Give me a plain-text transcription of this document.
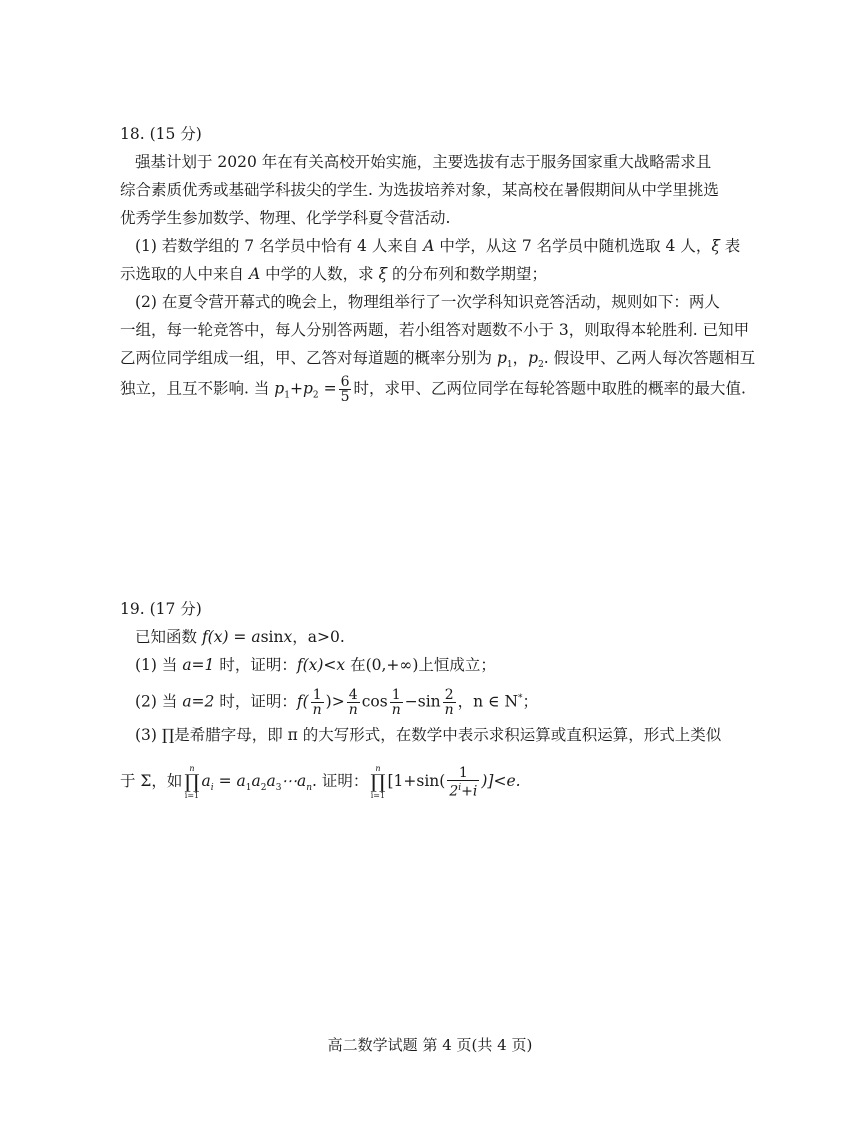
18. (15 分)
强基计划于 2020 年在有关高校开始实施，主要选拔有志于服务国家重大战略需求且
综合素质优秀或基础学科拔尖的学生. 为选拔培养对象，某高校在暑假期间从中学里挑选
优秀学生参加数学、物理、化学学科夏令营活动.
(1) 若数学组的 7 名学员中恰有 4 人来自 A 中学，从这 7 名学员中随机选取 4 人，ξ 表
示选取的人中来自 A 中学的人数，求 ξ 的分布列和数学期望；
(2) 在夏令营开幕式的晚会上，物理组举行了一次学科知识竞答活动，规则如下：两人
一组，每一轮竞答中，每人分别答两题，若小组答对题数不小于 3，则取得本轮胜利. 已知甲
乙两位同学组成一组，甲、乙答对每道题的概率分别为 $p_1$，$p_2$. 假设甲、乙两人每次答题相互
独立，且互不影响. 当 $p_1+p_2 = \frac{6}{5}$ 时，求甲、乙两位同学在每轮答题中取胜的概率的最大值.
19. (17 分)
已知函数 f(x) = asinx，a>0.
(1) 当 a=1 时，证明：f(x)<x 在(0,+∞)上恒成立；
(2) 当 a=2 时，证明：$f( \frac{1}{n}$ )> $\frac{4}{n}$ $\cos \frac{1}{n} -\sin \frac{2}{n}$ ，n ∈ N*；
(3) ∏是希腊字母，即 π 的大写形式，在数学中表示求积运算或直积运算，形式上类似
于 Σ，如
n
∏
i=1
$a_i$ = $a_1a_2a_3\cdots a_n$. 证明：
n
∏
i=1
$[1+\sin( \frac{1}{2^i+i} )]<e$.
高二数学试题 第 4 页(共 4 页)
